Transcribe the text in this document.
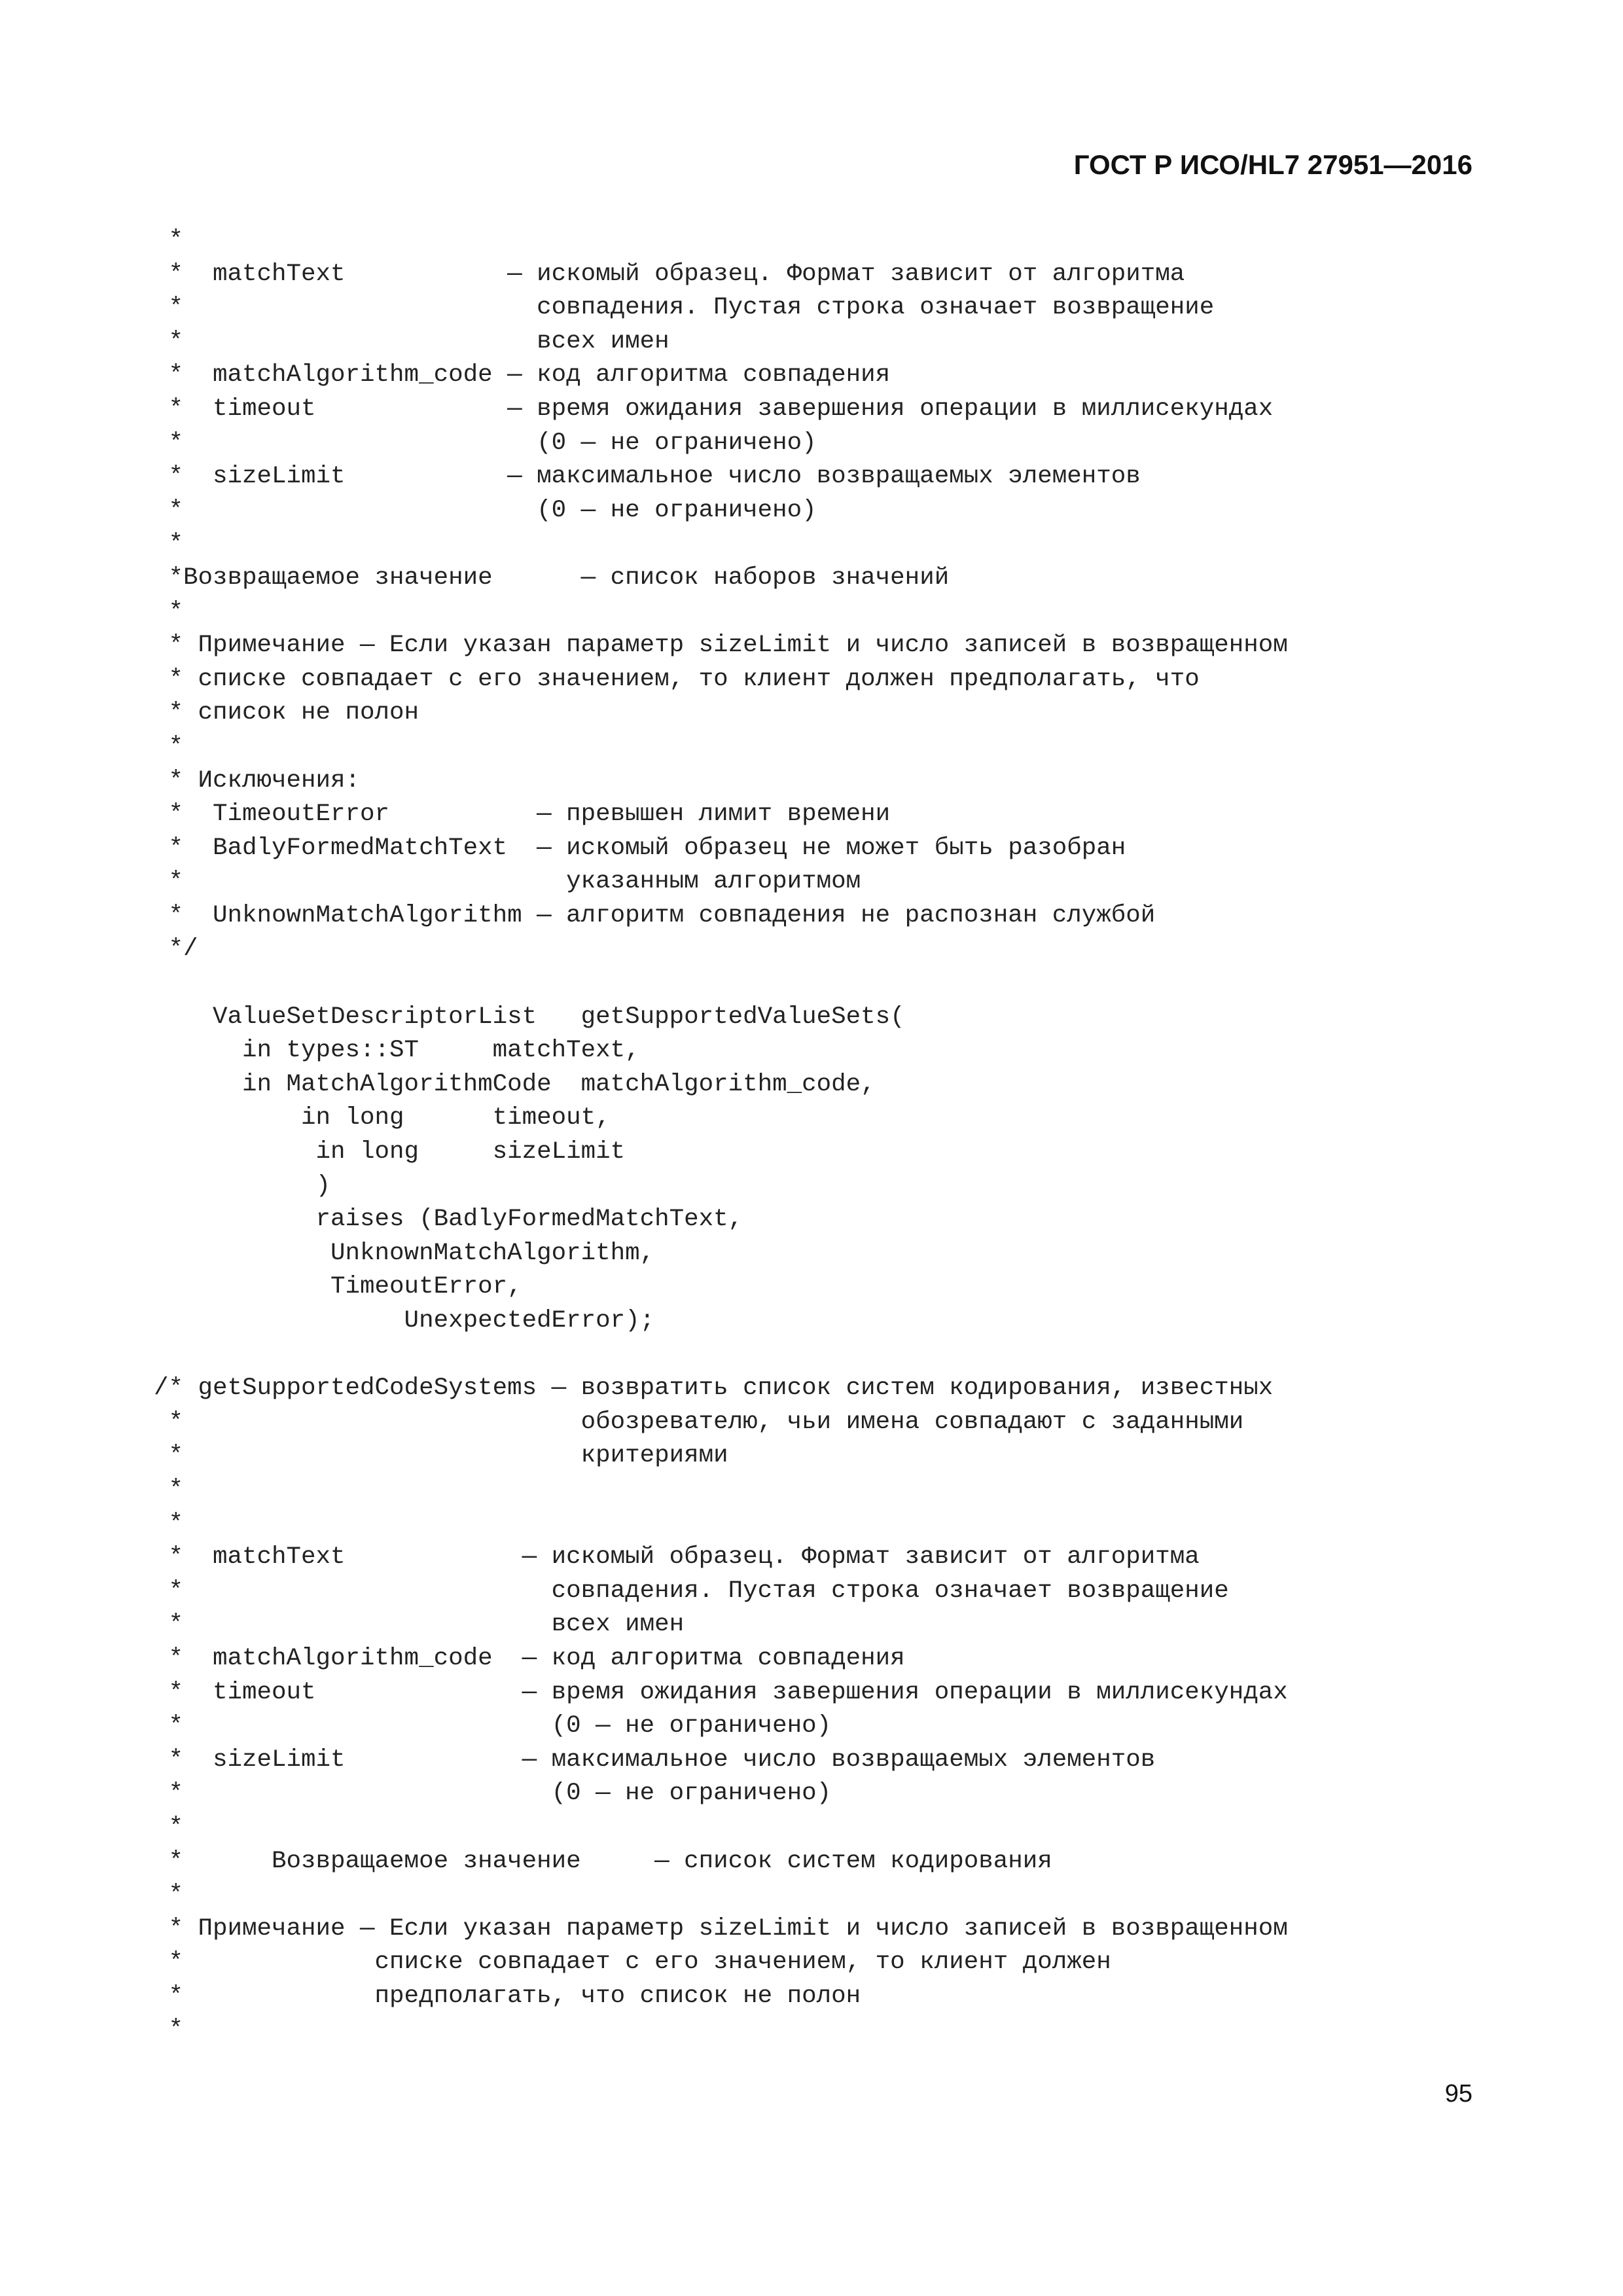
ГОСТ Р ИСО/HL7 27951—2016
*
*  matchText           — искомый образец. Формат зависит от алгоритма
*                        совпадения. Пустая строка означает возвращение
*                        всех имен
*  matchAlgorithm_code — код алгоритма совпадения
*  timeout             — время ожидания завершения операции в миллисекундах
*                        (0 — не ограничено)
*  sizeLimit           — максимальное число возвращаемых элементов
*                        (0 — не ограничено)
*
*Возвращаемое значение      — список наборов значений
*
* Примечание — Если указан параметр sizeLimit и число записей в возвращенном
* списке совпадает с его значением, то клиент должен предполагать, что
* список не полон
*
* Исключения:
*  TimeoutError          — превышен лимит времени
*  BadlyFormedMatchText  — искомый образец не может быть разобран
*                          указанным алгоритмом
*  UnknownMatchAlgorithm — алгоритм совпадения не распознан службой
*/

ValueSetDescriptorList   getSupportedValueSets(
in types::ST     matchText,
in MatchAlgorithmCode  matchAlgorithm_code,
in long      timeout,
in long     sizeLimit
)
raises (BadlyFormedMatchText,
UnknownMatchAlgorithm,
TimeoutError,
UnexpectedError);

/* getSupportedCodeSystems — возвратить список систем кодирования, известных
*                           обозревателю, чьи имена совпадают с заданными
*                           критериями
*
*
*  matchText            — искомый образец. Формат зависит от алгоритма
*                         совпадения. Пустая строка означает возвращение
*                         всех имен
*  matchAlgorithm_code  — код алгоритма совпадения
*  timeout              — время ожидания завершения операции в миллисекундах
*                         (0 — не ограничено)
*  sizeLimit            — максимальное число возвращаемых элементов
*                         (0 — не ограничено)
*
*      Возвращаемое значение     — список систем кодирования
*
* Примечание — Если указан параметр sizeLimit и число записей в возвращенном
*             списке совпадает с его значением, то клиент должен
*             предполагать, что список не полон
*
95
